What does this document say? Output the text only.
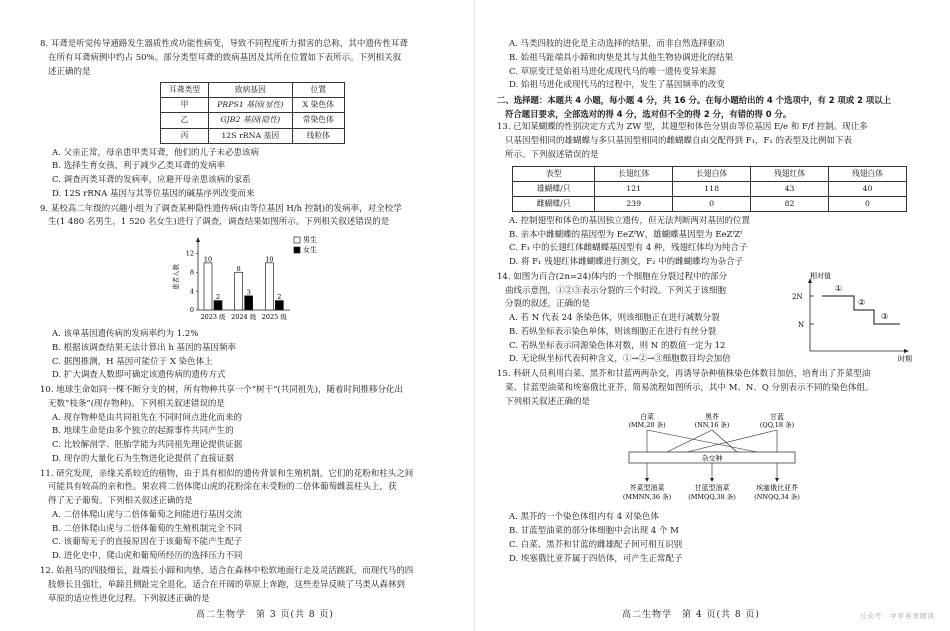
8. 耳聋是听觉传导通路发生器质性或功能性病变，导致不同程度听力损害的总称，其中遗传性耳聋
在所有耳聋病例中约占 50%。部分类型耳聋的致病基因及其所在位置如下表所示。下列相关叙
述正确的是
耳聋类型	致病基因	位置
甲	PRPS1 基因(显性)	X 染色体
乙	GJB2 基因(隐性)	常染色体
丙	12S rRNA 基因	线粒体
A. 父亲正常，母亲患甲类耳聋，他们的儿子未必患该病
B. 选择生育女孩，利于减少乙类耳聋的发病率
C. 调查丙类耳聋的发病率，应避开母亲患该病的家系
D. 12S rRNA 基因与其等位基因的碱基序列改变而来
9. 某校高二年级的兴趣小组为了调查某种隐性遗传病(由等位基因 H/h 控制)的发病率，对全校学
生(1 480 名男生，1 520 名女生)进行了调查，调查结果如图所示。下列相关叙述错误的是
患者人数
0
4
8
12
10
2
2023 级
8
3
2024 级
10
2
2025 级
男生
女生
A. 该单基因遗传病的发病率约为 1.2%
B. 根据该调查结果无法计算出 h 基因的基因频率
C. 据图推测，H 基因可能位于 X 染色体上
D. 扩大调查人数即可确定该遗传病的遗传方式
10. 地球生命如同一棵不断分支的树，所有物种共享一个“树干”(共同祖先)，随着时间推移分化出
无数“枝条”(现存物种)。下列相关叙述错误的是
A. 现存物种是由共同祖先在不同时间点进化而来的
B. 地球生命是由多个独立的起源事件共同产生的
C. 比较解剖学、胚胎学能为共同祖先理论提供证据
D. 现存的大量化石为生物进化论提供了直接证据
11. 研究发现，亲缘关系较近的植物，由于具有相似的遗传背景和生殖机制，它们的花粉和柱头之间
可能具有较高的亲和性。果农将二倍体爬山虎的花粉涂在未受粉的二倍体葡萄雌蕊柱头上，获
得了无子葡萄。下列相关叙述正确的是
A. 二倍体爬山虎与二倍体葡萄之间能进行基因交流
B. 二倍体爬山虎与二倍体葡萄的生殖机制完全不同
C. 该葡萄无子的直接原因在于该葡萄不能产生配子
D. 进化史中，爬山虎和葡萄所经历的选择压力不同
12. 始祖马的四肢细长，趾端长小蹄和肉垫，适合在森林中松软地面行走及灵活跳跃，而现代马的四
肢修长且强壮，单蹄且侧趾完全退化，适合在开阔的草原上奔跑，这些差异反映了马类从森林到
草原的适应性进化过程。下列叙述正确的是
高二生物学　第 3 页(共 8 页)
A. 马类四肢的进化是主动选择的结果，而非自然选择驱动
B. 始祖马趾端具小蹄和肉垫是其与其他生物协调进化的结果
C. 草原变迁是始祖马进化成现代马的唯一遗传变异来源
D. 始祖马进化成现代马的过程中，发生了基因频率的改变
二、选择题：本题共 4 小题，每小题 4 分，共 16 分。在每小题给出的 4 个选项中，有 2 项或 2 项以上
符合题目要求，全部选对的得 4 分，选对但不全的得 2 分，有错的得 0 分。
13. 已知某蝴蝶的性别决定方式为 ZW 型，其翅型和体色分别由等位基因 E/e 和 F/f 控制。现让多
只基因型相同的雄蝴蝶与多只基因型相同的雌蝴蝶自由交配得到 F₁，F₁ 的表型及比例如下表
所示。下列叙述错误的是
表型	长翅红体	长翅白体	残翅红体	残翅白体
雄蝴蝶/只	121	118	43	40
雌蝴蝶/只	239	0	82	0
A. 控制翅型和体色的基因独立遗传，但无法判断两对基因的位置
B. 亲本中雌蝴蝶的基因型为 EeZᶠW，雄蝴蝶基因型为 EeZᶠZᶠ
C. F₁ 中的长翅红体雌蝴蝶基因型有 4 种，残翅红体均为纯合子
D. 将 F₁ 残翅红体雌蝴蝶进行测交，F₂ 中的雌蝴蝶均为杂合子
相对值
时期
2N
N
①
②
③
14. 如图为百合(2n=24)体内的一个细胞在分裂过程中的部分
曲线示意图，①②③表示分裂的三个时段。下列关于该细胞
分裂的叙述，正确的是
A. 若 N 代表 24 条染色体，则该细胞正在进行减数分裂
B. 若纵坐标表示染色单体，则该细胞正在进行有丝分裂
C. 若纵坐标表示同源染色体对数，则 N 的数值一定为 12
D. 无论纵坐标代表何种含义，①→②→③细胞数目均会加倍
15. 科研人员利用白菜、黑芥和甘蓝两两杂交，再诱导杂种植株染色体数目加倍，培育出了芥菜型油
菜、甘蓝型油菜和埃塞俄比亚芥，简易流程如图所示，其中 M、N、Q 分别表示不同的染色体组。
下列相关叙述正确的是
白菜
(MM,20 条)
黑芥
(NN,16 条)
甘蓝
(QQ,18 条)
杂交种
芥菜型油菜
(MMNN,36 条)
甘蓝型油菜
(MMQQ,38 条)
埃塞俄比亚芥
(NNQQ,34 条)
A. 黑芥的一个染色体组内有 4 对染色体
B. 甘蓝型油菜的部分体细胞中会出现 4 个 M
C. 白菜、黑芥和甘蓝的雌雄配子间可相互识别
D. 埃塞俄比亚芥属于四倍体，可产生正常配子
高二生物学　第 4 页(共 8 页)	公众号：中学英语随读
